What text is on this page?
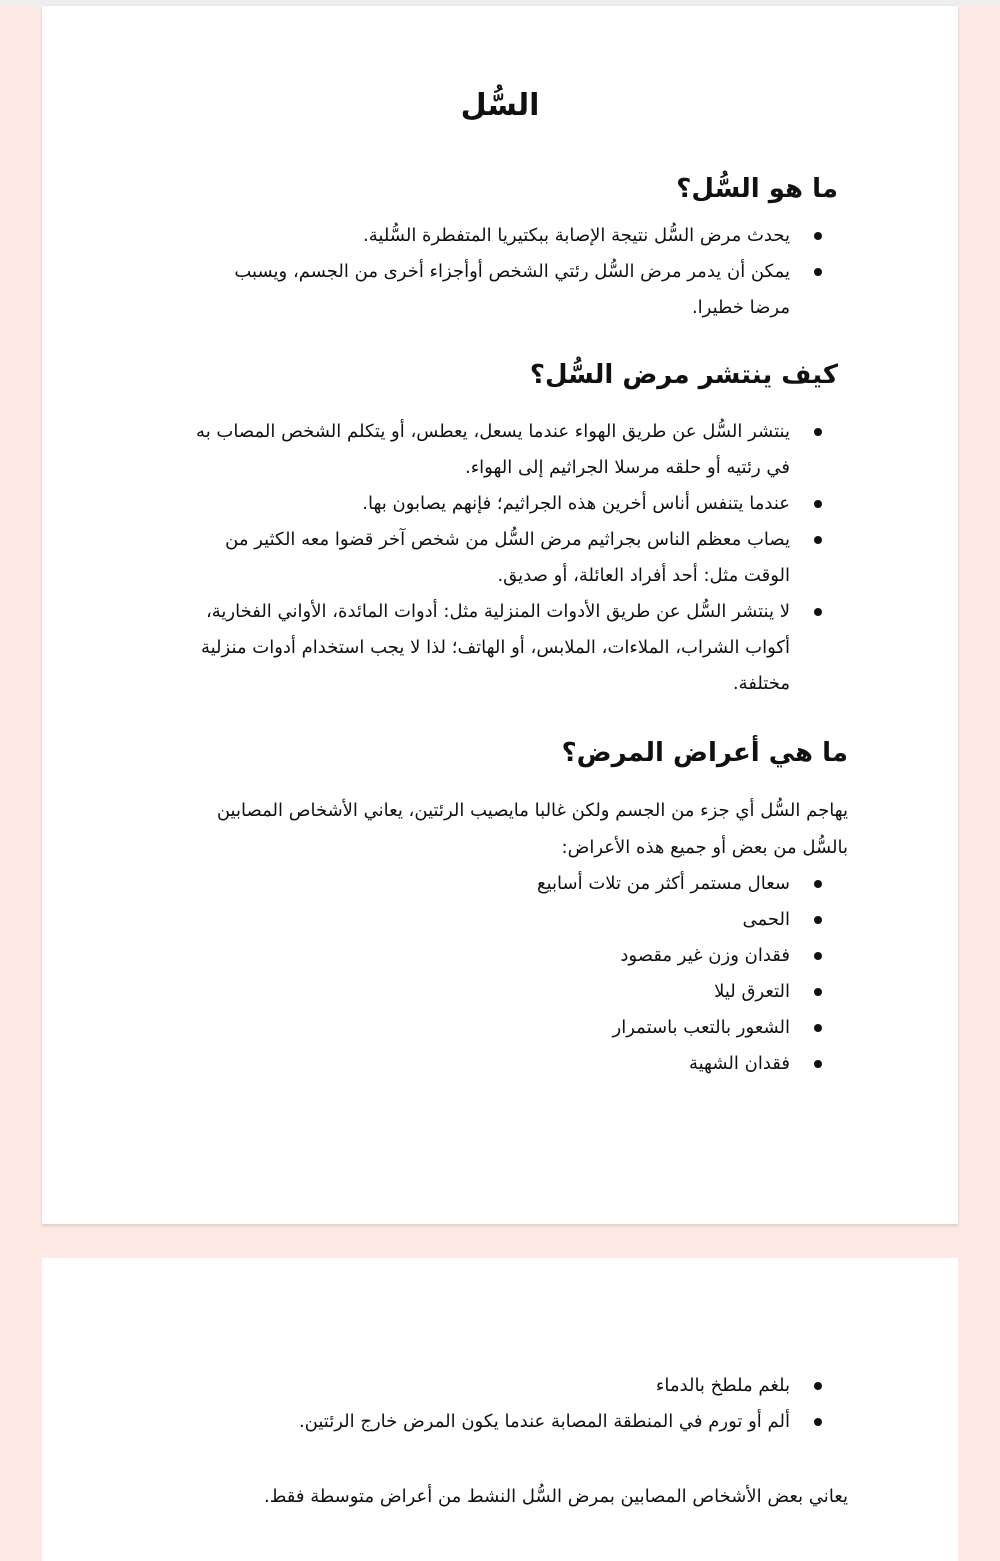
السُّل
ما هو السُّل؟
يحدث مرض السُّل نتيجة الإصابة ببكتيريا المتفطرة السُّلية.
يمكن أن يدمر مرض السُّل رئتي الشخص أوأجزاء أخرى من الجسم، ويسبب مرضا خطيرا.
كيف ينتشر مرض السُّل؟
ينتشر السُّل عن طريق الهواء عندما يسعل، يعطس، أو يتكلم الشخص المصاب به في رئتيه أو حلقه مرسلا الجراثيم إلى الهواء.
عندما يتنفس أناس أخرين هذه الجراثيم؛ فإنهم يصابون بها.
يصاب معظم الناس بجراثيم مرض السُّل من شخص آخر قضوا معه الكثير من الوقت مثل: أحد أفراد العائلة، أو صديق.
لا ينتشر السُّل عن طريق الأدوات المنزلية مثل: أدوات المائدة، الأواني الفخارية، أكواب الشراب، الملاءات، الملابس، أو الهاتف؛ لذا لا يجب استخدام أدوات منزلية مختلفة.
ما هي أعراض المرض؟

يهاجم السُّل أي جزء من الجسم ولكن غالبا مايصيب الرئتين، يعاني الأشخاص المصابين بالسُّل من بعض أو جميع هذه الأعراض:

سعال مستمر أكثر من تلات أسابيع
الحمى
فقدان وزن غير مقصود
التعرق ليلا
الشعور بالتعب باستمرار
فقدان الشهية
بلغم ملطخ بالدماء
ألم أو تورم في المنطقة المصابة عندما يكون المرض خارج الرئتين.

يعاني بعض الأشخاص المصابين بمرض السُّل النشط من أعراض متوسطة فقط.
